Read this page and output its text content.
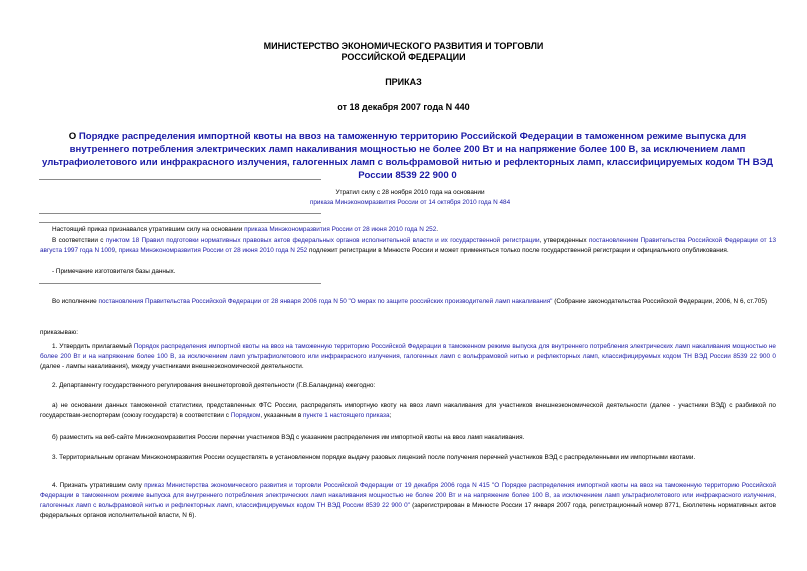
МИНИСТЕРСТВО ЭКОНОМИЧЕСКОГО РАЗВИТИЯ И ТОРГОВЛИ
РОССИЙСКОЙ ФЕДЕРАЦИИ
ПРИКАЗ
от 18 декабря 2007 года N 440
О Порядке распределения импортной квоты на ввоз на таможенную территорию Российской Федерации в таможенном режиме выпуска для внутреннего потребления электрических ламп накаливания мощностью не более 200 Вт и на напряжение более 100 В, за исключением ламп ультрафиолетового или инфракрасного излучения, галогенных ламп с вольфрамовой нитью и рефлекторных ламп, классифицируемых кодом ТН ВЭД России 8539 22 900 0
Утратил силу с 28 ноября 2010 года на основании
приказа Минэкономразвития России от 14 октября 2010 года N 484
Настоящий приказ признавался утратившим силу на основании приказа Минэкономразвития России от 28 июня 2010 года N 252.
В соответствии с пунктом 18 Правил подготовки нормативных правовых актов федеральных органов исполнительной власти и их государственной регистрации, утвержденных постановлением Правительства Российской Федерации от 13 августа 1997 года N 1009, приказ Минэкономразвития России от 28 июня 2010 года N 252 подлежит регистрации в Минюсте России и может применяться только после государственной регистрации и официального опубликования.
- Примечание изготовителя базы данных.
Во исполнение постановления Правительства Российской Федерации от 28 января 2006 года N 50 "О мерах по защите российских производителей ламп накаливания" (Собрание законодательства Российской Федерации, 2006, N 6, ст.705)
приказываю:
1. Утвердить прилагаемый Порядок распределения импортной квоты на ввоз на таможенную территорию Российской Федерации в таможенном режиме выпуска для внутреннего потребления электрических ламп накаливания мощностью не более 200 Вт и на напряжение более 100 В, за исключением ламп ультрафиолетового или инфракрасного излучения, галогенных ламп с вольфрамовой нитью и рефлекторных ламп, классифицируемых кодом ТН ВЭД России 8539 22 900 0 (далее - лампы накаливания), между участниками внешнеэкономической деятельности.
2. Департаменту государственного регулирования внешнеторговой деятельности (Г.В.Баландина) ежегодно:
а) не основании данных таможенной статистики, представленных ФТС России, распределять импортную квоту на ввоз ламп накаливания для участников внешнеэкономической деятельности (далее - участники ВЭД) с разбивкой по государствам-экспортерам (союзу государств) в соответствии с Порядком, указанным в пункте 1 настоящего приказа;
б) разместить на веб-сайте Минэкономразвития России перечни участников ВЭД с указанием распределения им импортной квоты на ввоз ламп накаливания.
3. Территориальным органам Минэкономразвития России осуществлять в установленном порядке выдачу разовых лицензий после получения перечней участников ВЭД с распределенными им импортными квотами.
4. Признать утратившим силу приказ Министерства экономического развития и торговли Российской Федерации от 19 декабря 2006 года N 415 "О Порядке распределения импортной квоты на ввоз на таможенную территорию Российской Федерации в таможенном режиме выпуска для внутреннего потребления электрических ламп накаливания мощностью не более 200 Вт и на напряжение более 100 В, за исключением ламп ультрафиолетового или инфракрасного излучения, галогенных ламп с вольфрамовой нитью и рефлекторных ламп, классифицируемых кодом ТН ВЭД России 8539 22 900 0" (зарегистрирован в Минюсте России 17 января 2007 года, регистрационный номер 8771, Бюллетень нормативных актов федеральных органов исполнительной власти, N 6).
